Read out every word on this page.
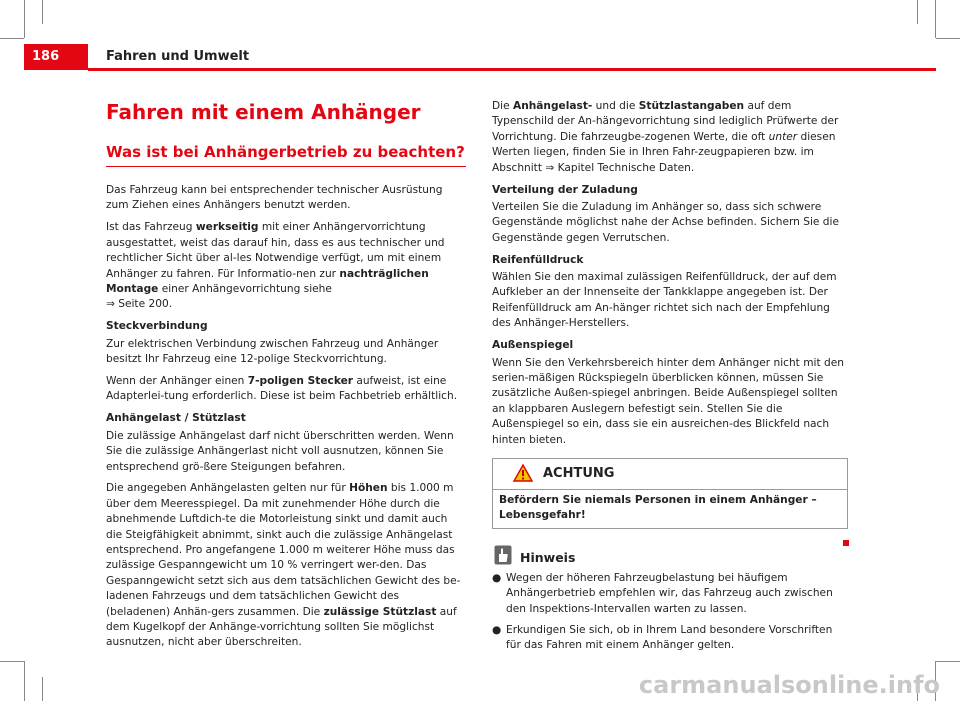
186	Fahren und Umwelt
Fahren mit einem Anhänger
Was ist bei Anhängerbetrieb zu beachten?

Das Fahrzeug kann bei entsprechender technischer Ausrüstung zum Ziehen eines Anhängers benutzt werden.

Ist das Fahrzeug werkseitig mit einer Anhängervorrichtung ausgestattet, weist das darauf hin, dass es aus technischer und rechtlicher Sicht über al-les Notwendige verfügt, um mit einem Anhänger zu fahren. Für Informatio-nen zur nachträglichen Montage einer Anhängevorrichtung siehe
⇒ Seite 200.

Steckverbindung

Zur elektrischen Verbindung zwischen Fahrzeug und Anhänger besitzt Ihr Fahrzeug eine 12-polige Steckvorrichtung.

Wenn der Anhänger einen 7-poligen Stecker aufweist, ist eine Adapterlei-tung erforderlich. Diese ist beim Fachbetrieb erhältlich.

Anhängelast / Stützlast

Die zulässige Anhängelast darf nicht überschritten werden. Wenn Sie die zulässige Anhängerlast nicht voll ausnutzen, können Sie entsprechend grö-ßere Steigungen befahren.

Die angegeben Anhängelasten gelten nur für Höhen bis 1.000 m über dem Meeresspiegel. Da mit zunehmender Höhe durch die abnehmende Luftdich-te die Motorleistung sinkt und damit auch die Steigfähigkeit abnimmt, sinkt auch die zulässige Anhängelast entsprechend. Pro angefangene 1.000 m weiterer Höhe muss das zulässige Gespanngewicht um 10 % verringert wer-den. Das Gespanngewicht setzt sich aus dem tatsächlichen Gewicht des be-ladenen Fahrzeugs und dem tatsächlichen Gewicht des (beladenen) Anhän-gers zusammen. Die zulässige Stützlast auf dem Kugelkopf der Anhänge-vorrichtung sollten Sie möglichst ausnutzen, nicht aber überschreiten.

Die Anhängelast- und die Stützlastangaben auf dem Typenschild der An-hängevorrichtung sind lediglich Prüfwerte der Vorrichtung. Die fahrzeugbe-zogenen Werte, die oft unter diesen Werten liegen, finden Sie in Ihren Fahr-zeugpapieren bzw. im Abschnitt ⇒ Kapitel Technische Daten.

Verteilung der Zuladung

Verteilen Sie die Zuladung im Anhänger so, dass sich schwere Gegenstände möglichst nahe der Achse befinden. Sichern Sie die Gegenstände gegen Verrutschen.

Reifenfülldruck

Wählen Sie den maximal zulässigen Reifenfülldruck, der auf dem Aufkleber an der Innenseite der Tankklappe angegeben ist. Der Reifenfülldruck am An-hänger richtet sich nach der Empfehlung des Anhänger-Herstellers.

Außenspiegel

Wenn Sie den Verkehrsbereich hinter dem Anhänger nicht mit den serien-mäßigen Rückspiegeln überblicken können, müssen Sie zusätzliche Außen-spiegel anbringen. Beide Außenspiegel sollten an klappbaren Auslegern befestigt sein. Stellen Sie die Außenspiegel so ein, dass sie ein ausreichen-des Blickfeld nach hinten bieten.

ACHTUNG
Befördern Sie niemals Personen in einem Anhänger – Lebensgefahr!
Hinweis
● Wegen der höheren Fahrzeugbelastung bei häufigem Anhängerbetrieb empfehlen wir, das Fahrzeug auch zwischen den Inspektions-Intervallen warten zu lassen.
● Erkundigen Sie sich, ob in Ihrem Land besondere Vorschriften für das Fahren mit einem Anhänger gelten.
carmanualsonline.info
